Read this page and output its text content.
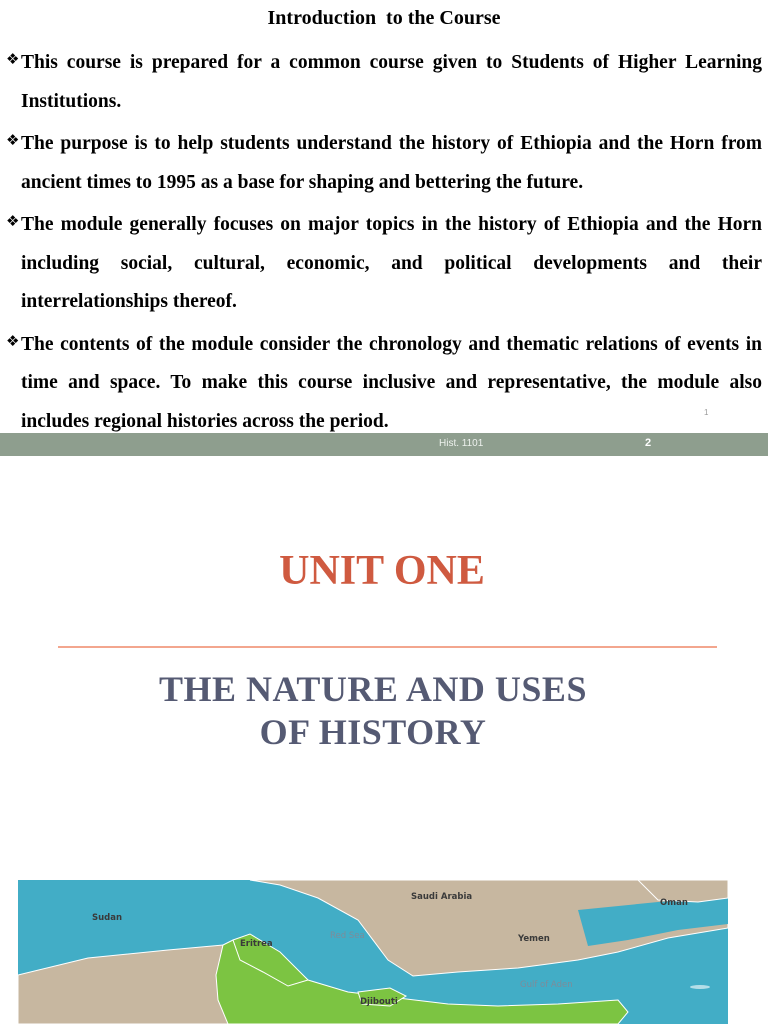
Introduction  to the Course
❖ This course is prepared for a common course given to Students of Higher Learning Institutions.
❖ The purpose is to help students understand the history of Ethiopia and the Horn from ancient times to 1995 as a base for shaping and bettering the future.
❖ The module generally focuses on major topics in the history of Ethiopia and the Horn including social, cultural, economic, and political developments and their interrelationships thereof.
❖ The contents of the module consider the chronology and thematic relations of events in time and space. To make this course inclusive and representative, the module also includes regional histories across the period.	1
Hist. 1101	2
UNIT ONE
THE NATURE AND USES
OF HISTORY
Sudan
Eritrea
Djibouti
Saudi Arabia
Yemen
Oman
Red Sea
Gulf of Aden
